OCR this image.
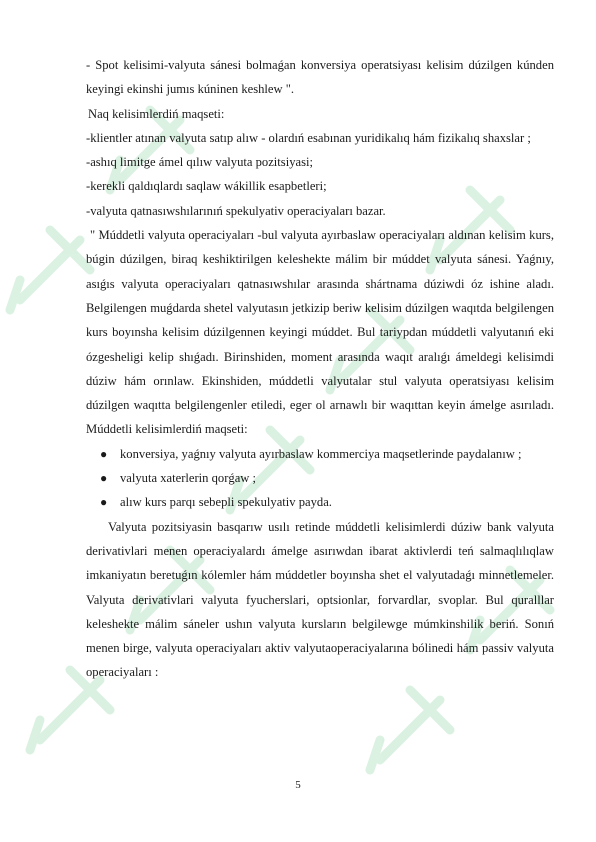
- Spot kelisimi-valyuta sánesi bolmaǵan konversiya operatsiyası kelisim dúzilgen kúnden keyingi ekinshi jumıs kúninen keshlew ".

Naq kelisimlerdiń maqseti:

-klientler atınan valyuta satıp alıw - olardıń esabınan yuridikalıq hám fizikalıq shaxslar ;

-ashıq limitge ámel qılıw valyuta pozitsiyasi;

-kerekli qaldıqlardı saqlaw wákillik esapbetleri;

-valyuta qatnasıwshılarınıń spekulyativ operaciyaları bazar.

" Múddetli valyuta operaciyaları -bul valyuta ayırbaslaw operaciyaları aldınan kelisim kurs, búgin dúzilgen, biraq keshiktirilgen keleshekte málim bir múddet valyuta sánesi. Yaǵnıy, asıǵıs valyuta operaciyaları qatnasıwshılar arasında shártnama dúziwdi óz ishine aladı. Belgilengen muǵdarda shetel valyutasın jetkizip beriw kelisim dúzilgen waqıtda belgilengen kurs boyınsha kelisim dúzilgennen keyingi múddet. Bul tariypdan múddetli valyutanıń eki ózgesheligi kelip shıǵadı. Birinshiden, moment arasında waqıt aralıǵı ámeldegi kelisimdi dúziw hám orınlaw. Ekinshiden, múddetli valyutalar stul valyuta operatsiyası kelisim dúzilgen waqıtta belgilengenler etiledi, eger ol arnawlı bir waqıttan keyin ámelge asırıladı. Múddetli kelisimlerdiń maqseti:

● konversiya, yaǵnıy valyuta ayırbaslaw kommerciya maqsetlerinde paydalanıw ;
● valyuta xaterlerin qorǵaw ;
● alıw kurs parqı sebepli spekulyativ payda.

Valyuta pozitsiyasin basqarıw usılı retinde múddetli kelisimlerdi dúziw bank valyuta derivativlari menen operaciyalardı ámelge asırıwdan ibarat aktivlerdi teń salmaqlılıqlaw imkaniyatın beretuǵın kólemler hám múddetler boyınsha shet el valyutadaǵı minnetlemeler. Valyuta derivativlari valyuta fyucherslari, optsionlar, forvardlar, svoplar. Bul quralllar keleshekte málim sáneler ushın valyuta kursların belgilewge múmkinshilik beriń. Sonıń menen birge, valyuta operaciyaları aktiv valyutaoperaciyalarına bólinedi hám passiv valyuta operaciyaları :

5
